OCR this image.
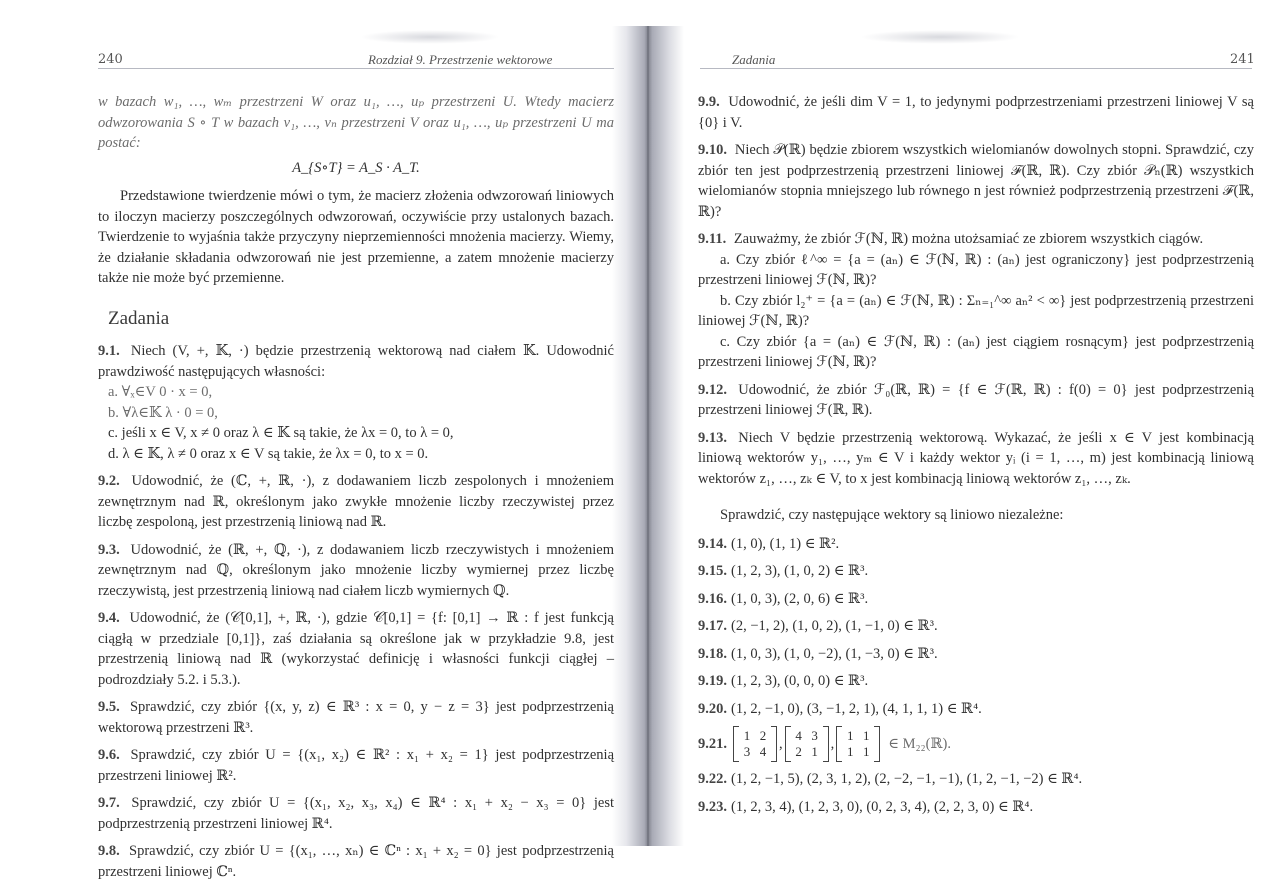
240	Rozdział 9. Przestrzenie wektorowe

w bazach w₁, …, wₘ przestrzeni W oraz u₁, …, uₚ przestrzeni U. Wtedy macierz odwzorowania S ∘ T w bazach v₁, …, vₙ przestrzeni V oraz u₁, …, uₚ przestrzeni U ma postać:

A_{S∘T} = A_S · A_T.

Przedstawione twierdzenie mówi o tym, że macierz złożenia odwzorowań liniowych to iloczyn macierzy poszczególnych odwzorowań, oczywiście przy ustalonych bazach. Twierdzenie to wyjaśnia także przyczyny nieprzemienności mnożenia macierzy. Wiemy, że działanie składania odwzorowań nie jest przemienne, a zatem mnożenie macierzy także nie może być przemienne.

Zadania
9.1. Niech (V, +, 𝕂, ·) będzie przestrzenią wektorową nad ciałem 𝕂. Udowodnić prawdziwość następujących własności:

a. ∀ₓ∈V 0 · x = 0,

b. ∀λ∈𝕂 λ · 0 = 0,

c. jeśli x ∈ V, x ≠ 0 oraz λ ∈ 𝕂 są takie, że λx = 0, to λ = 0,

d. λ ∈ 𝕂, λ ≠ 0 oraz x ∈ V są takie, że λx = 0, to x = 0.

9.2. Udowodnić, że (ℂ, +, ℝ, ·), z dodawaniem liczb zespolonych i mnożeniem zewnętrznym nad ℝ, określonym jako zwykłe mnożenie liczby rzeczywistej przez liczbę zespoloną, jest przestrzenią liniową nad ℝ.
9.3. Udowodnić, że (ℝ, +, ℚ, ·), z dodawaniem liczb rzeczywistych i mnożeniem zewnętrznym nad ℚ, określonym jako mnożenie liczby wymiernej przez liczbę rzeczywistą, jest przestrzenią liniową nad ciałem liczb wymiernych ℚ.
9.4. Udowodnić, że (𝒞[0,1], +, ℝ, ·), gdzie 𝒞[0,1] = {f: [0,1] → ℝ : f jest funkcją ciągłą w przedziale [0,1]}, zaś działania są określone jak w przykładzie 9.8, jest przestrzenią liniową nad ℝ (wykorzystać definicję i własności funkcji ciągłej – podrozdziały 5.2. i 5.3.).
9.5. Sprawdzić, czy zbiór {(x, y, z) ∈ ℝ³ : x = 0, y − z = 3} jest podprzestrzenią wektorową przestrzeni ℝ³.
9.6. Sprawdzić, czy zbiór U = {(x₁, x₂) ∈ ℝ² : x₁ + x₂ = 1} jest podprzestrzenią przestrzeni liniowej ℝ².
9.7. Sprawdzić, czy zbiór U = {(x₁, x₂, x₃, x₄) ∈ ℝ⁴ : x₁ + x₂ − x₃ = 0} jest podprzestrzenią przestrzeni liniowej ℝ⁴.
9.8. Sprawdzić, czy zbiór U = {(x₁, …, xₙ) ∈ ℂⁿ : x₁ + x₂ = 0} jest podprzestrzenią przestrzeni liniowej ℂⁿ.
Zadania	241
9.9. Udowodnić, że jeśli dim V = 1, to jedynymi podprzestrzeniami przestrzeni liniowej V są {0} i V.
9.10. Niech 𝒫(ℝ) będzie zbiorem wszystkich wielomianów dowolnych stopni. Sprawdzić, czy zbiór ten jest podprzestrzenią przestrzeni liniowej ℱ(ℝ, ℝ). Czy zbiór 𝒫ₙ(ℝ) wszystkich wielomianów stopnia mniejszego lub równego n jest również podprzestrzenią przestrzeni ℱ(ℝ, ℝ)?
9.11. Zauważmy, że zbiór ℱ(ℕ, ℝ) można utożsamiać ze zbiorem wszystkich ciągów.

a. Czy zbiór ℓ^∞ = {a = (aₙ) ∈ ℱ(ℕ, ℝ) : (aₙ) jest ograniczony} jest podprzestrzenią przestrzeni liniowej ℱ(ℕ, ℝ)?

b. Czy zbiór l₂⁺ = {a = (aₙ) ∈ ℱ(ℕ, ℝ) : Σₙ₌₁^∞ aₙ² < ∞} jest podprzestrzenią przestrzeni liniowej ℱ(ℕ, ℝ)?

c. Czy zbiór {a = (aₙ) ∈ ℱ(ℕ, ℝ) : (aₙ) jest ciągiem rosnącym} jest podprzestrzenią przestrzeni liniowej ℱ(ℕ, ℝ)?

9.12. Udowodnić, że zbiór ℱ₀(ℝ, ℝ) = {f ∈ ℱ(ℝ, ℝ) : f(0) = 0} jest podprzestrzenią przestrzeni liniowej ℱ(ℝ, ℝ).
9.13. Niech V będzie przestrzenią wektorową. Wykazać, że jeśli x ∈ V jest kombinacją liniową wektorów y₁, …, yₘ ∈ V i każdy wektor yᵢ (i = 1, …, m) jest kombinacją liniową wektorów z₁, …, zₖ ∈ V, to x jest kombinacją liniową wektorów z₁, …, zₖ.

Sprawdzić, czy następujące wektory są liniowo niezależne:

9.14. (1, 0), (1, 1) ∈ ℝ².
9.15. (1, 2, 3), (1, 0, 2) ∈ ℝ³.
9.16. (1, 0, 3), (2, 0, 6) ∈ ℝ³.
9.17. (2, −1, 2), (1, 0, 2), (1, −1, 0) ∈ ℝ³.
9.18. (1, 0, 3), (1, 0, −2), (1, −3, 0) ∈ ℝ³.
9.19. (1, 2, 3), (0, 0, 0) ∈ ℝ³.
9.20. (1, 2, −1, 0), (3, −1, 2, 1), (4, 1, 1, 1) ∈ ℝ⁴.
9.21.
1 2
3 4 ,
4 3
2 1 ,
1 1
1 1	∈ M₂₂(ℝ).
9.22. (1, 2, −1, 5), (2, 3, 1, 2), (2, −2, −1, −1), (1, 2, −1, −2) ∈ ℝ⁴.
9.23. (1, 2, 3, 4), (1, 2, 3, 0), (0, 2, 3, 4), (2, 2, 3, 0) ∈ ℝ⁴.
